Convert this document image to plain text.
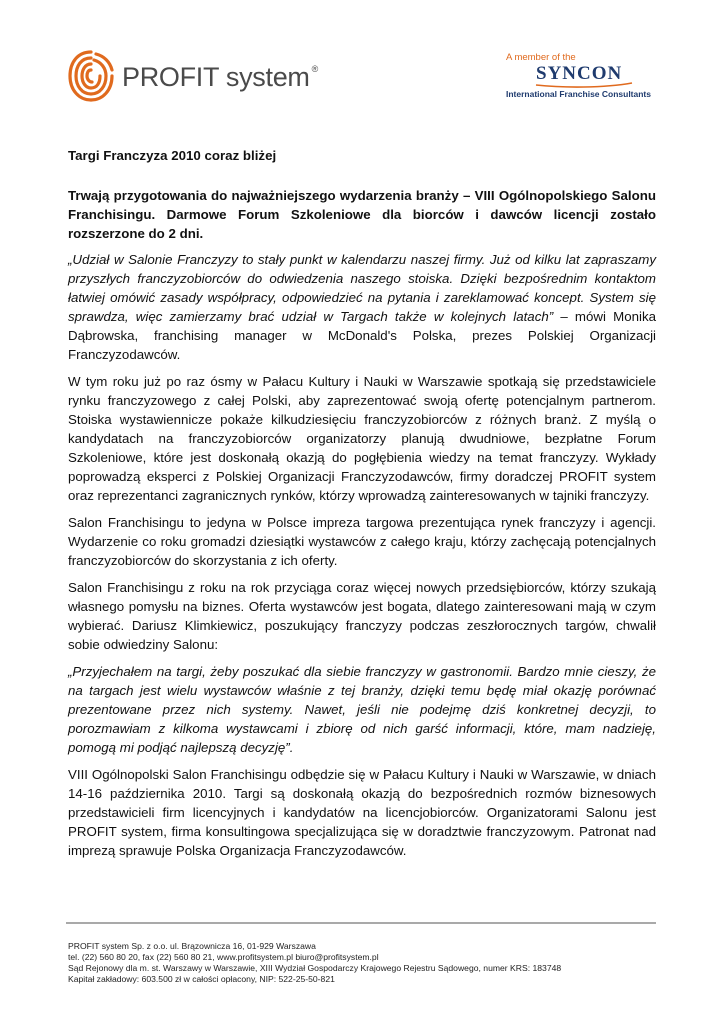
PROFIT system ®
A member of the
SYNCON
International Franchise Consultants

Targi Franczyza 2010 coraz bliżej

Trwają przygotowania do najważniejszego wydarzenia branży – VIII Ogólnopolskiego Salonu Franchisingu. Darmowe Forum Szkoleniowe dla biorców i dawców licencji zostało rozszerzone do 2 dni.

„Udział w Salonie Franczyzy to stały punkt w kalendarzu naszej firmy. Już od kilku lat zapraszamy przyszłych franczyzobiorców do odwiedzenia naszego stoiska. Dzięki bezpośrednim kontaktom łatwiej omówić zasady współpracy, odpowiedzieć na pytania i zareklamować koncept. System się sprawdza, więc zamierzamy brać udział w Targach także w kolejnych latach” – mówi Monika Dąbrowska, franchising manager w McDonald's Polska, prezes Polskiej Organizacji Franczyzodawców.

W tym roku już po raz ósmy w Pałacu Kultury i Nauki w Warszawie spotkają się przedstawiciele rynku franczyzowego z całej Polski, aby zaprezentować swoją ofertę potencjalnym partnerom. Stoiska wystawiennicze pokaże kilkudziesięciu franczyzobiorców z różnych branż. Z myślą o kandydatach na franczyzobiorców organizatorzy planują dwudniowe, bezpłatne Forum Szkoleniowe, które jest doskonałą okazją do pogłębienia wiedzy na temat franczyzy. Wykłady poprowadzą eksperci z Polskiej Organizacji Franczyzodawców, firmy doradczej PROFIT system oraz reprezentanci zagranicznych rynków, którzy wprowadzą zainteresowanych w tajniki franczyzy.

Salon Franchisingu to jedyna w Polsce impreza targowa prezentująca rynek franczyzy i agencji. Wydarzenie co roku gromadzi dziesiątki wystawców z całego kraju, którzy zachęcają potencjalnych franczyzobiorców do skorzystania z ich oferty.

Salon Franchisingu z roku na rok przyciąga coraz więcej nowych przedsiębiorców, którzy szukają własnego pomysłu na biznes. Oferta wystawców jest bogata, dlatego zainteresowani mają w czym wybierać. Dariusz Klimkiewicz, poszukujący franczyzy podczas zeszłorocznych targów, chwalił sobie odwiedziny Salonu:

„Przyjechałem na targi, żeby poszukać dla siebie franczyzy w gastronomii. Bardzo mnie cieszy, że na targach jest wielu wystawców właśnie z tej branży, dzięki temu będę miał okazję porównać prezentowane przez nich systemy. Nawet, jeśli nie podejmę dziś konkretnej decyzji, to porozmawiam z kilkoma wystawcami i zbiorę od nich garść informacji, które, mam nadzieję, pomogą mi podjąć najlepszą decyzję”.

VIII Ogólnopolski Salon Franchisingu odbędzie się w Pałacu Kultury i Nauki w Warszawie, w dniach 14-16 października 2010. Targi są doskonałą okazją do bezpośrednich rozmów biznesowych przedstawicieli firm licencyjnych i kandydatów na licencjobiorców. Organizatorami Salonu jest PROFIT system, firma konsultingowa specjalizująca się w doradztwie franczyzowym. Patronat nad imprezą sprawuje Polska Organizacja Franczyzodawców.

PROFIT system Sp. z o.o. ul. Brązownicza 16, 01-929 Warszawa
tel. (22) 560 80 20, fax (22) 560 80 21, www.profitsystem.pl biuro@profitsystem.pl
Sąd Rejonowy dla m. st. Warszawy w Warszawie, XIII Wydział Gospodarczy Krajowego Rejestru Sądowego, numer KRS: 183748
Kapitał zakładowy: 603.500 zł w całości opłacony, NIP: 522-25-50-821
